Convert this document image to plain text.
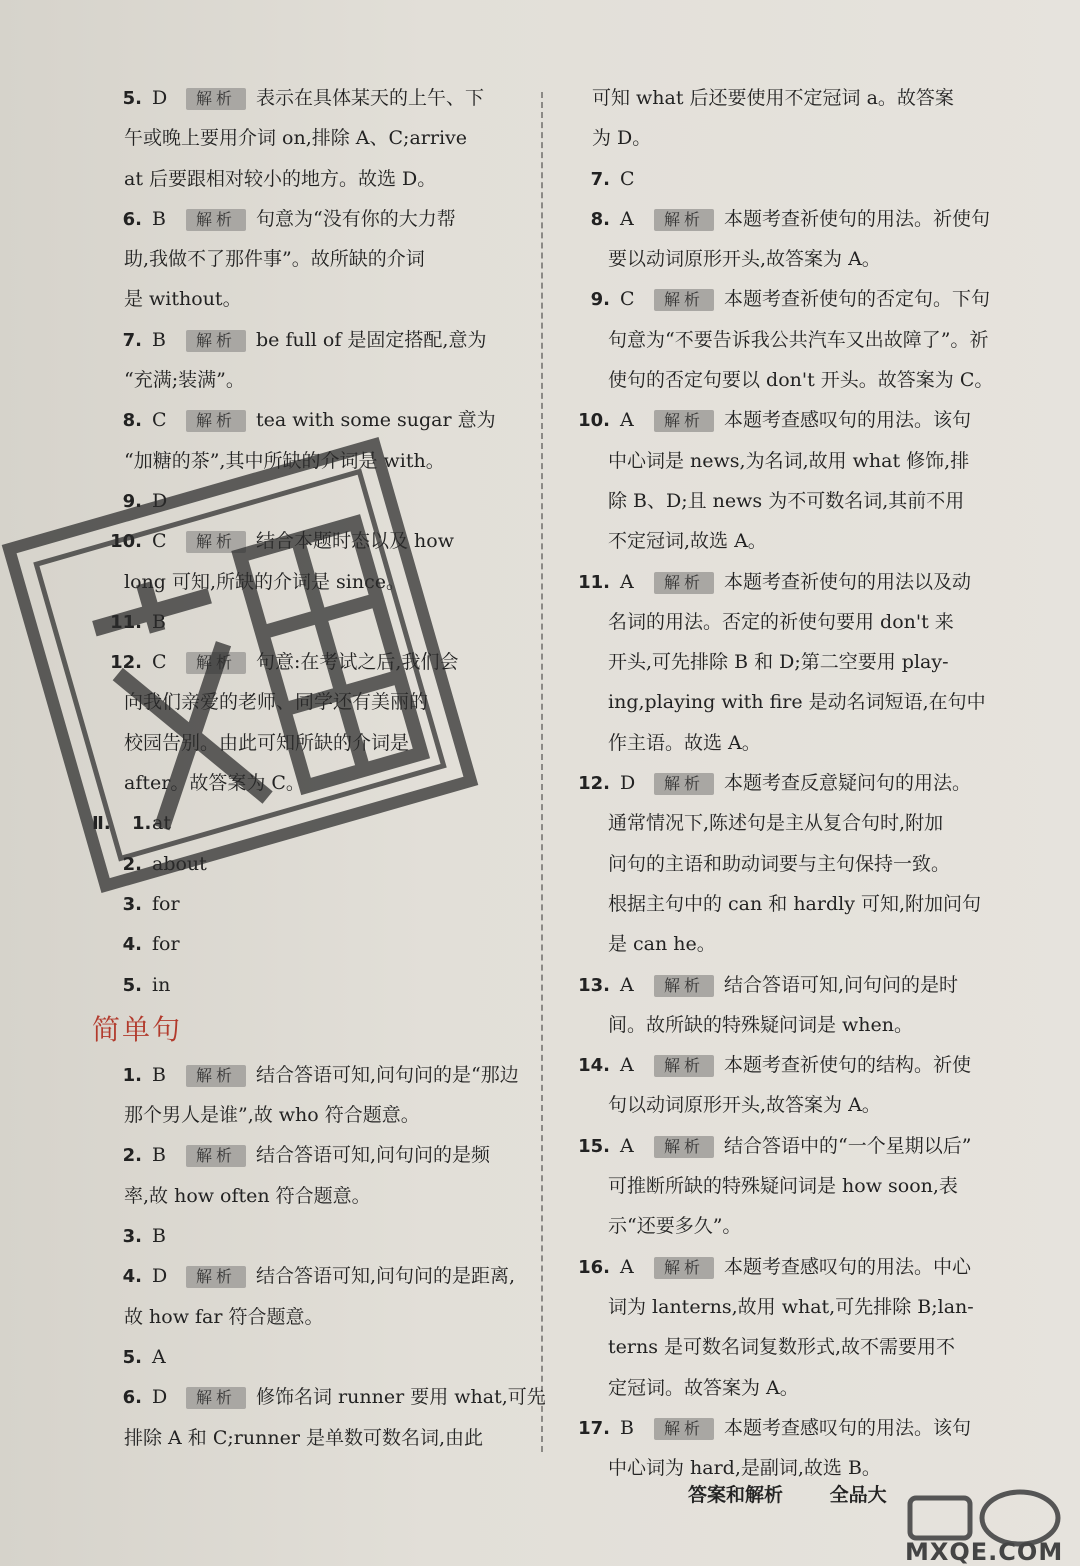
5. D 解析 表示在具体某天的上午、下
午或晚上要用介词 on,排除 A、C;arrive
at 后要跟相对较小的地方。故选 D。
6. B 解析 句意为“没有你的大力帮
助,我做不了那件事”。故所缺的介词
是 without。
7. B 解析 be full of 是固定搭配,意为
“充满;装满”。
8. C 解析 tea with some sugar 意为
“加糖的茶”,其中所缺的介词是 with。
9. D
10. C 解析 结合本题时态以及 how
long 可知,所缺的介词是 since。
11. B
12. C 解析 句意:在考试之后,我们会
向我们亲爱的老师、同学还有美丽的
校园告别。由此可知所缺的介词是
after。故答案为 C。
Ⅱ. 1.at
2. about
3. for
4. for
5. in
简单句
1. B 解析 结合答语可知,问句问的是“那边
那个男人是谁”,故 who 符合题意。
2. B 解析 结合答语可知,问句问的是频
率,故 how often 符合题意。
3. B
4. D 解析 结合答语可知,问句问的是距离,
故 how far 符合题意。
5. A
6. D 解析 修饰名词 runner 要用 what,可先
排除 A 和 C;runner 是单数可数名词,由此
可知 what 后还要使用不定冠词 a。故答案
为 D。
7. C
8. A 解析 本题考查祈使句的用法。祈使句
要以动词原形开头,故答案为 A。
9. C 解析 本题考查祈使句的否定句。下句
句意为“不要告诉我公共汽车又出故障了”。祈
使句的否定句要以 don't 开头。故答案为 C。
10. A 解析 本题考查感叹句的用法。该句
中心词是 news,为名词,故用 what 修饰,排
除 B、D;且 news 为不可数名词,其前不用
不定冠词,故选 A。
11. A 解析 本题考查祈使句的用法以及动
名词的用法。否定的祈使句要用 don't 来
开头,可先排除 B 和 D;第二空要用 play-
ing,playing with fire 是动名词短语,在句中
作主语。故选 A。
12. D 解析 本题考查反意疑问句的用法。
通常情况下,陈述句是主从复合句时,附加
问句的主语和助动词要与主句保持一致。
根据主句中的 can 和 hardly 可知,附加问句
是 can he。
13. A 解析 结合答语可知,问句问的是时
间。故所缺的特殊疑问词是 when。
14. A 解析 本题考查祈使句的结构。祈使
句以动词原形开头,故答案为 A。
15. A 解析 结合答语中的“一个星期以后”
可推断所缺的特殊疑问词是 how soon,表
示“还要多久”。
16. A 解析 本题考查感叹句的用法。中心
词为 lanterns,故用 what,可先排除 B;lan-
terns 是可数名词复数形式,故不需要用不
定冠词。故答案为 A。
17. B 解析 本题考查感叹句的用法。该句
中心词为 hard,是副词,故选 B。
答案和解析 全品大
MXQE.COM
